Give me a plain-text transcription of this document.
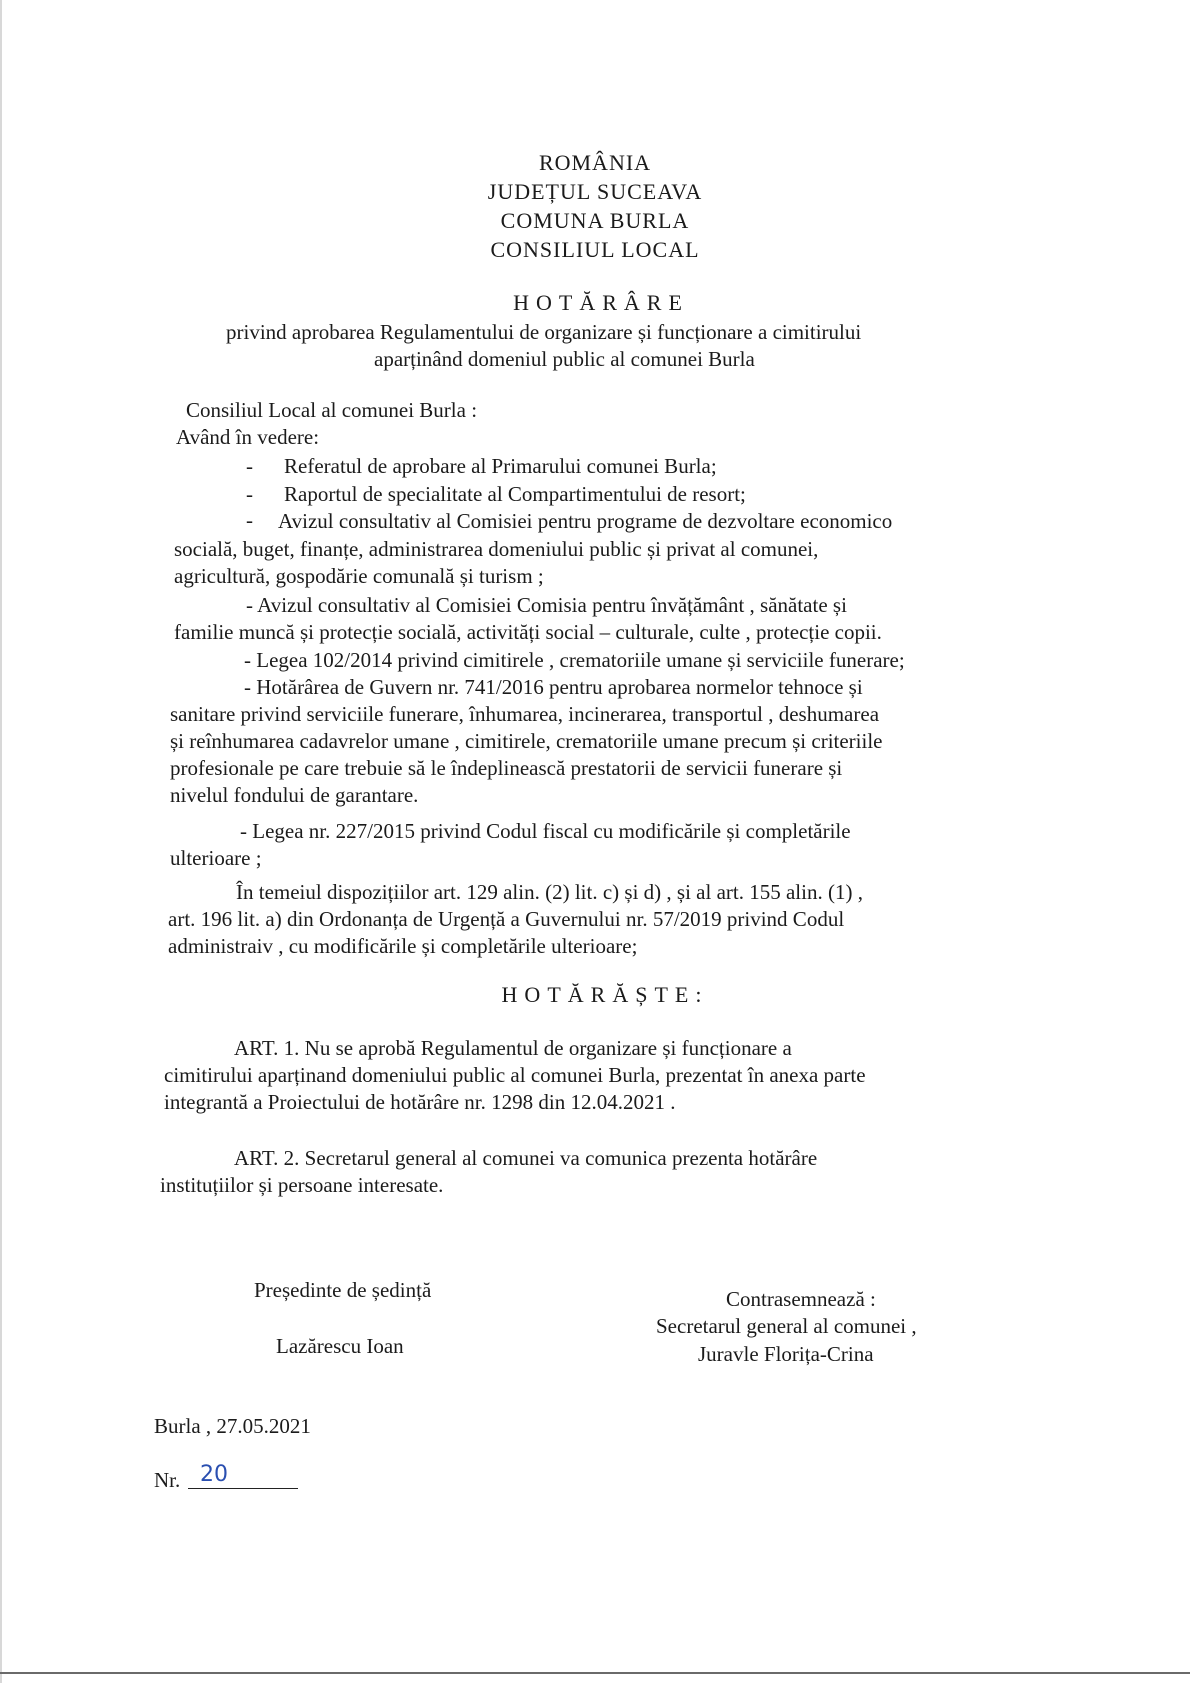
ROMÂNIA
JUDEȚUL SUCEAVA
COMUNA BURLA
CONSILIUL LOCAL
HOTĂRÂRE
privind aprobarea Regulamentului de organizare și funcționare a cimitirului
aparținând domeniul public al comunei Burla
Consiliul Local al comunei Burla :
Având în vedere:
- Referatul de aprobare al Primarului comunei Burla;
- Raportul de specialitate al Compartimentului de resort;
- Avizul consultativ al Comisiei pentru programe de dezvoltare economico
socială, buget, finanțe, administrarea domeniului public și privat al comunei,
agricultură, gospodărie comunală și turism ;
- Avizul consultativ al Comisiei Comisia pentru învățământ , sănătate și
familie muncă și protecție socială, activități social – culturale, culte , protecție copii.
- Legea 102/2014 privind cimitirele , crematoriile umane și serviciile funerare;
- Hotărârea de Guvern nr. 741/2016 pentru aprobarea normelor tehnoce și
sanitare privind serviciile funerare, înhumarea, incinerarea, transportul , deshumarea
și reînhumarea cadavrelor umane , cimitirele, crematoriile umane precum și criteriile
profesionale pe care trebuie să le îndeplinească prestatorii de servicii funerare și
nivelul fondului de garantare.
- Legea nr. 227/2015 privind Codul fiscal cu modificările și completările
ulterioare ;
În temeiul dispozițiilor art. 129 alin. (2) lit. c) și d) , și al art. 155 alin. (1) ,
art. 196 lit. a) din Ordonanța de Urgență a Guvernului nr. 57/2019 privind Codul
administraiv , cu modificările și completările ulterioare;
HOTĂRĂȘTE:
ART. 1. Nu se aprobă Regulamentul de organizare și funcționare a
cimitirului aparținand domeniului public al comunei Burla, prezentat în anexa parte
integrantă a Proiectului de hotărâre nr. 1298 din 12.04.2021 .
ART. 2. Secretarul general al comunei va comunica prezenta hotărâre
instituțiilor și persoane interesate.
Președinte de ședință
Lazărescu Ioan
Contrasemnează :
Secretarul general al comunei ,
Juravle Florița-Crina
Burla , 27.05.2021
Nr. 20
